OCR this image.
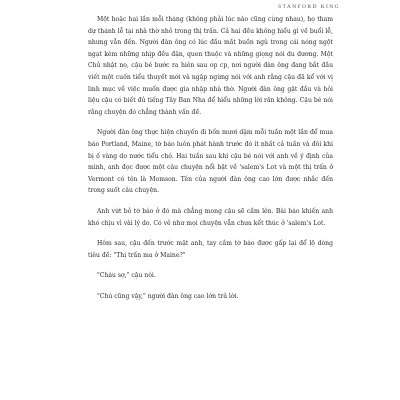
STANFORD KING

Một hoặc hai lần mỗi tháng (không phải lúc nào cũng cùng nhau), họ tham dự thánh lễ tại nhà thờ nhỏ trong thị trấn. Cả hai đều không hiểu gì về buổi lễ, nhưng vẫn đến. Người đàn ông có lúc đầu mắt buồn ngủ trong cái nóng ngột ngạt kèm những nhịp đều đặn, quen thuộc và những giọng nói du dương. Một Chủ nhật nọ, cậu bé bước ra hiên sau op cp, nơi người đàn ông đang bắt đầu viết một cuốn tiểu thuyết mới và ngập ngừng nói với anh rằng cậu đã kể với vị linh mục về việc muốn được gia nhập nhà thờ. Người đàn ông gật đầu và hỏi liệu cậu có biết đủ tiếng Tây Ban Nha để hiểu những lời răn không. Cậu bé nói rằng chuyện đó chẳng thành vấn đề.

Người đàn ông thực hiện chuyến đi bốn mươi dặm mỗi tuần một lần để mua báo Portland, Maine, tờ báo luôn phát hành trước đó ít nhất cả tuần và đôi khi bị ố vàng do nước tiểu chó. Hai tuần sau khi cậu bé nói với anh về ý định của mình, anh đọc được một câu chuyện nổi bật về 'salem's Lot và một thị trấn ở Vermont có tên là Momson. Tên của người đàn ông cao lớn được nhắc đến trong suốt câu chuyện.

Anh vứt bỏ tờ báo ở đó mà chẳng mong cậu sẽ cầm lên. Bài báo khiến anh khó chịu vì vài lý do. Có vẻ như mọi chuyện vẫn chưa kết thúc ở 'salem's Lot.

Hôm sau, cậu đến trước mặt anh, tay cầm tờ báo được gấp lại để lộ dòng tiêu đề: "Thị trấn ma ở Maine?"

"Cháu sợ," cậu nói.

"Chú cũng vậy," người đàn ông cao lớn trả lời.
